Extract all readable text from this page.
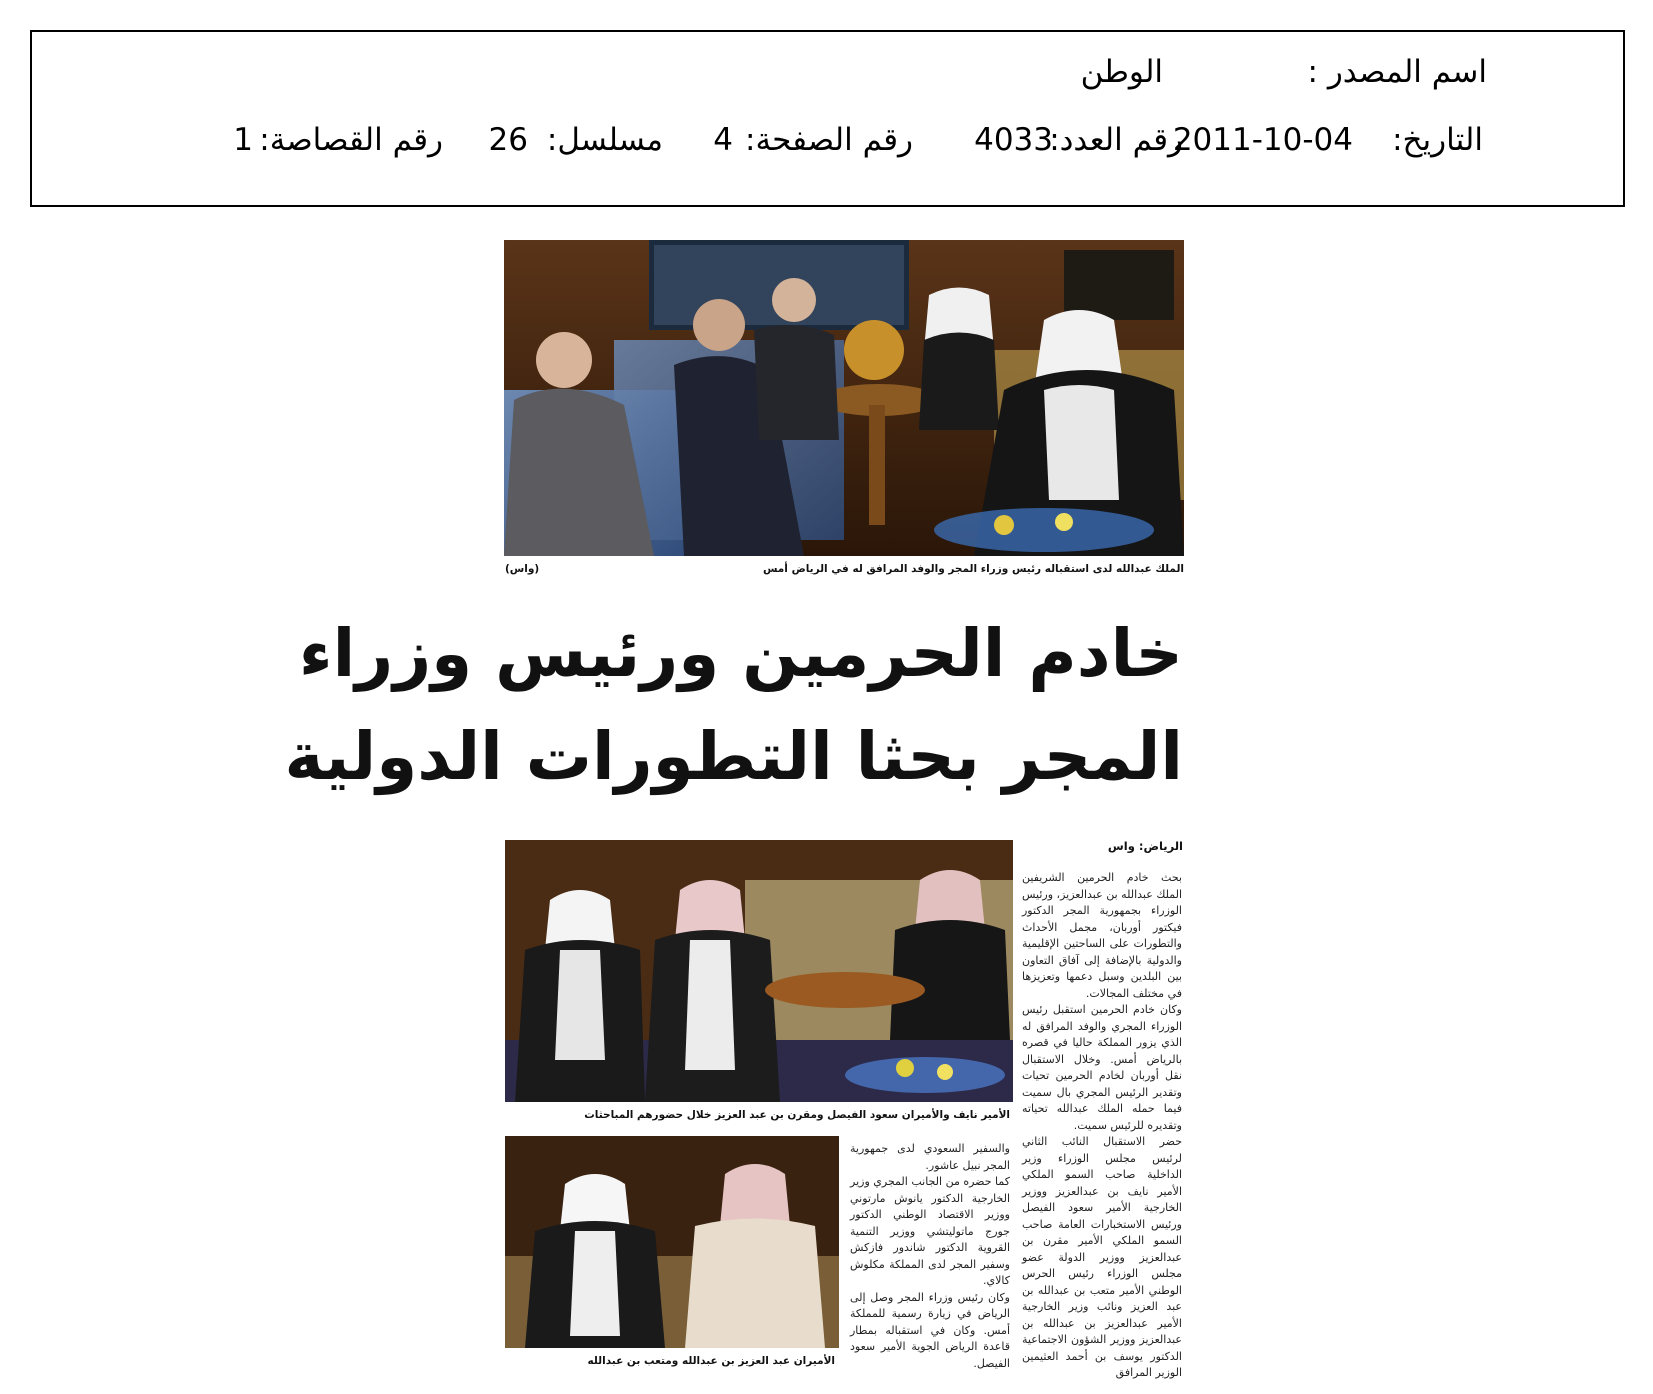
اسم المصدر :
الوطن
التاريخ:
2011-10-04
رقم العدد:
4033
رقم الصفحة:
4
مسلسل:
26
رقم القصاصة:
1
الملك عبدالله لدى استقباله رئيس وزراء المجر والوفد المرافق له في الرياض أمس
(واس)
خادم الحرمين ورئيس وزراء
المجر بحثا التطورات الدولية
الأمير نايف والأميران سعود الفيصل ومقرن بن عبد العزيز خلال حضورهم المباحثات
الأميران عبد العزيز بن عبدالله ومتعب بن عبدالله
الرياض: واس

بحث خادم الحرمين الشريفين الملك عبدالله بن عبدالعزيز، ورئيس الوزراء بجمهورية المجر الدكتور فيكتور أوربان، مجمل الأحداث والتطورات على الساحتين الإقليمية والدولية بالإضافة إلى آفاق التعاون بين البلدين وسبل دعمها وتعزيزها في مختلف المجالات.

وكان خادم الحرمين استقبل رئيس الوزراء المجري والوفد المرافق له الذي يزور المملكة حاليا في قصره بالرياض أمس. وخلال الاستقبال نقل أوربان لخادم الحرمين تحيات وتقدير الرئيس المجري بال سميت فيما حمله الملك عبدالله تحياته وتقديره للرئيس سميت.

حضر الاستقبال النائب الثاني لرئيس مجلس الوزراء وزير الداخلية صاحب السمو الملكي الأمير نايف بن عبدالعزيز ووزير الخارجية الأمير سعود الفيصل ورئيس الاستخبارات العامة صاحب السمو الملكي الأمير مقرن بن عبدالعزيز ووزير الدولة عضو مجلس الوزراء رئيس الحرس الوطني الأمير متعب بن عبدالله بن عبد العزيز ونائب وزير الخارجية الأمير عبدالعزيز بن عبدالله بن عبدالعزيز ووزير الشؤون الاجتماعية الدكتور يوسف بن أحمد العثيمين الوزير المرافق

والسفير السعودي لدى جمهورية المجر نبيل عاشور.

كما حضره من الجانب المجري وزير الخارجية الدكتور يانوش مارتوني ووزير الاقتصاد الوطني الدكتور جورج ماتوليتشي ووزير التنمية القروية الدكتور شاندور فازكش وسفير المجر لدى المملكة مكلوش كالاي.

وكان رئيس وزراء المجر وصل إلى الرياض في زيارة رسمية للمملكة أمس. وكان في استقباله بمطار قاعدة الرياض الجوية الأمير سعود الفيصل.
